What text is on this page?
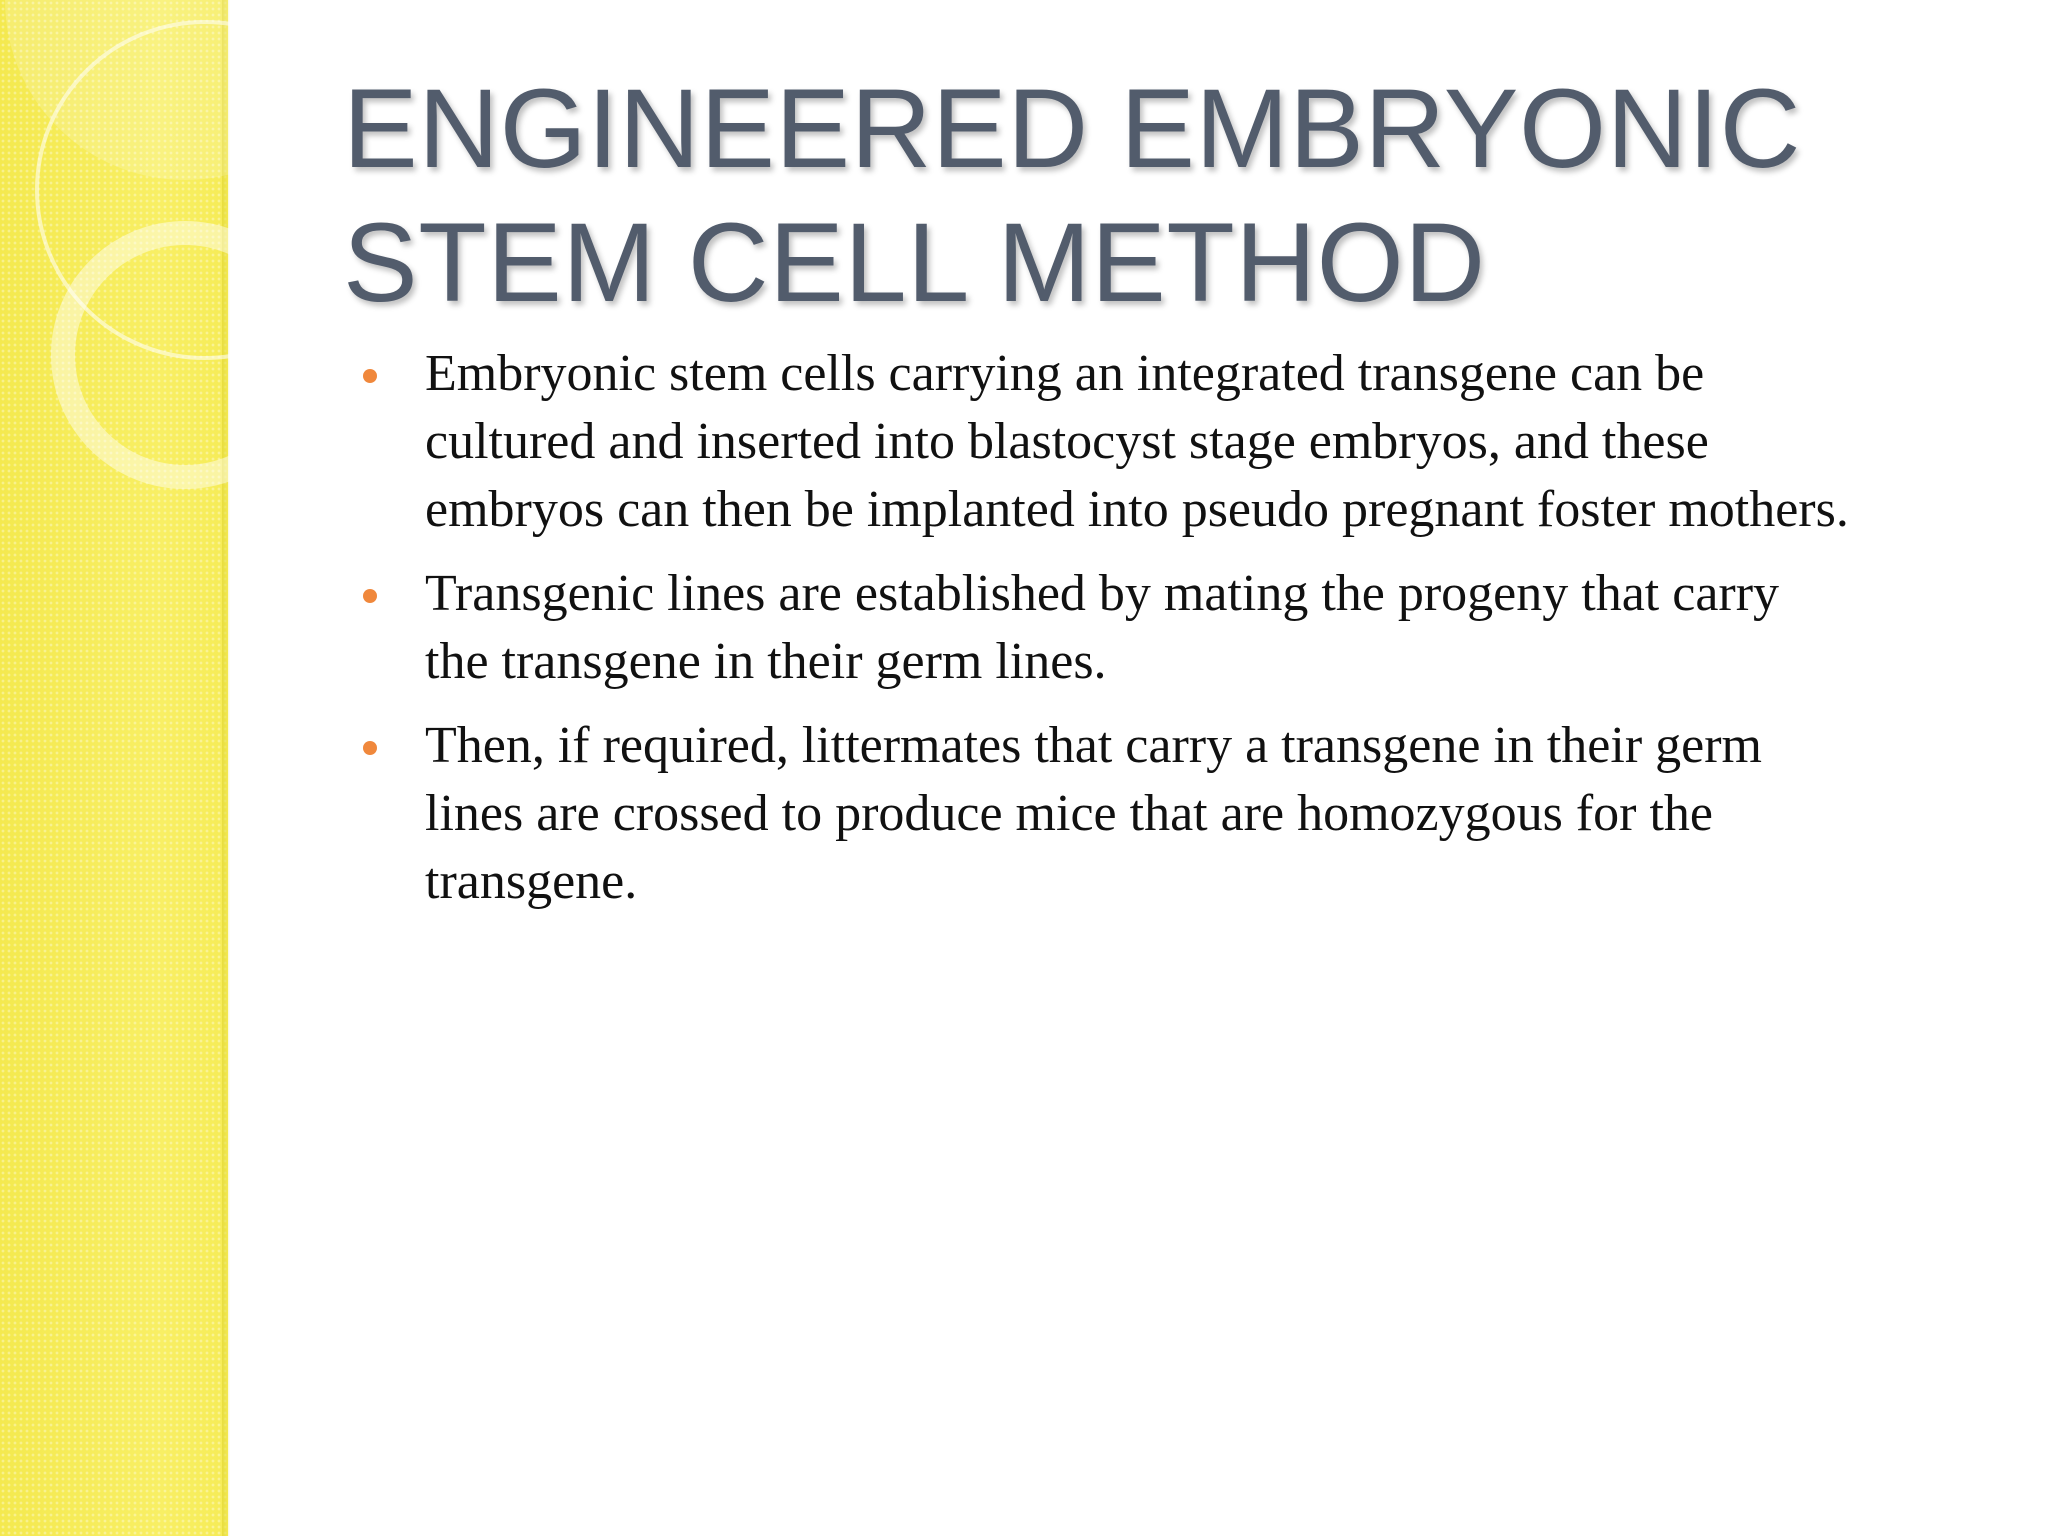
ENGINEERED EMBRYONIC
STEM CELL METHOD
Embryonic stem cells carrying an integrated transgene can be
cultured and inserted into blastocyst stage embryos, and these
embryos can then be implanted into pseudo pregnant foster mothers.
Transgenic lines are established by mating the progeny that carry
the transgene in their germ lines.
Then, if required, littermates that carry a transgene in their germ
lines are crossed to produce mice that are homozygous for the
transgene.
